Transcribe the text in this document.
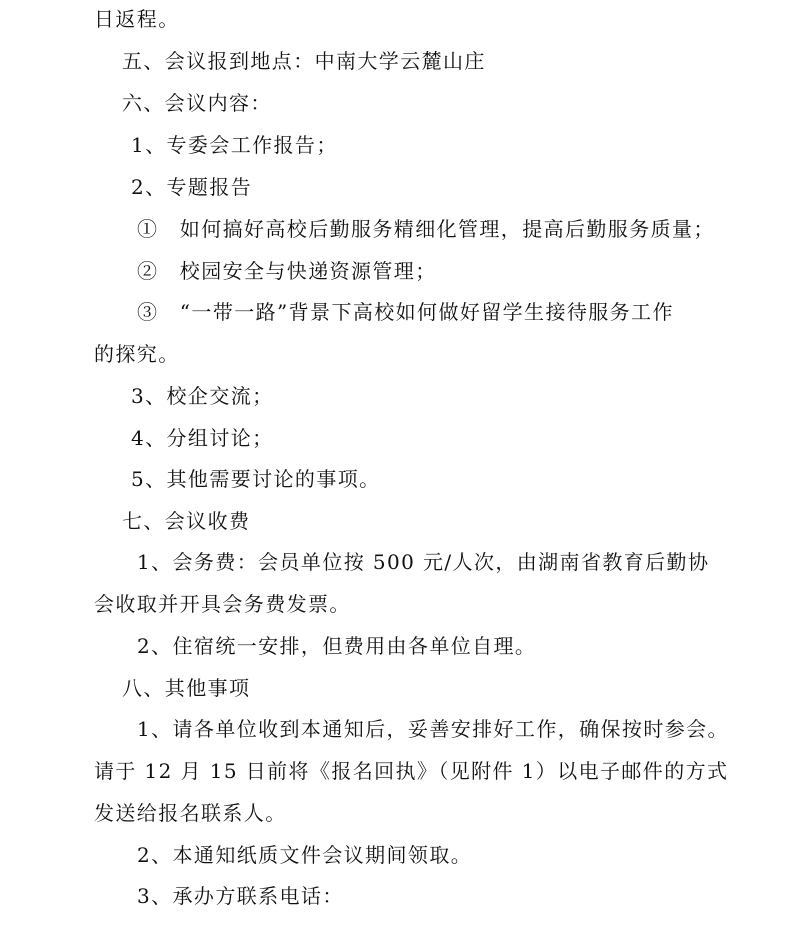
日返程。
五、会议报到地点：中南大学云麓山庄
六、会议内容：
1、专委会工作报告；
2、专题报告
①　如何搞好高校后勤服务精细化管理，提高后勤服务质量；
②　校园安全与快递资源管理；
③　“一带一路”背景下高校如何做好留学生接待服务工作
的探究。
3、校企交流；
4、分组讨论；
5、其他需要讨论的事项。
七、会议收费
1、会务费：会员单位按 500 元/人次，由湖南省教育后勤协
会收取并开具会务费发票。
2、住宿统一安排，但费用由各单位自理。
八、其他事项
1、请各单位收到本通知后，妥善安排好工作，确保按时参会。
请于 12 月 15 日前将《报名回执》（见附件 1）以电子邮件的方式
发送给报名联系人。
2、本通知纸质文件会议期间领取。
3、承办方联系电话：
